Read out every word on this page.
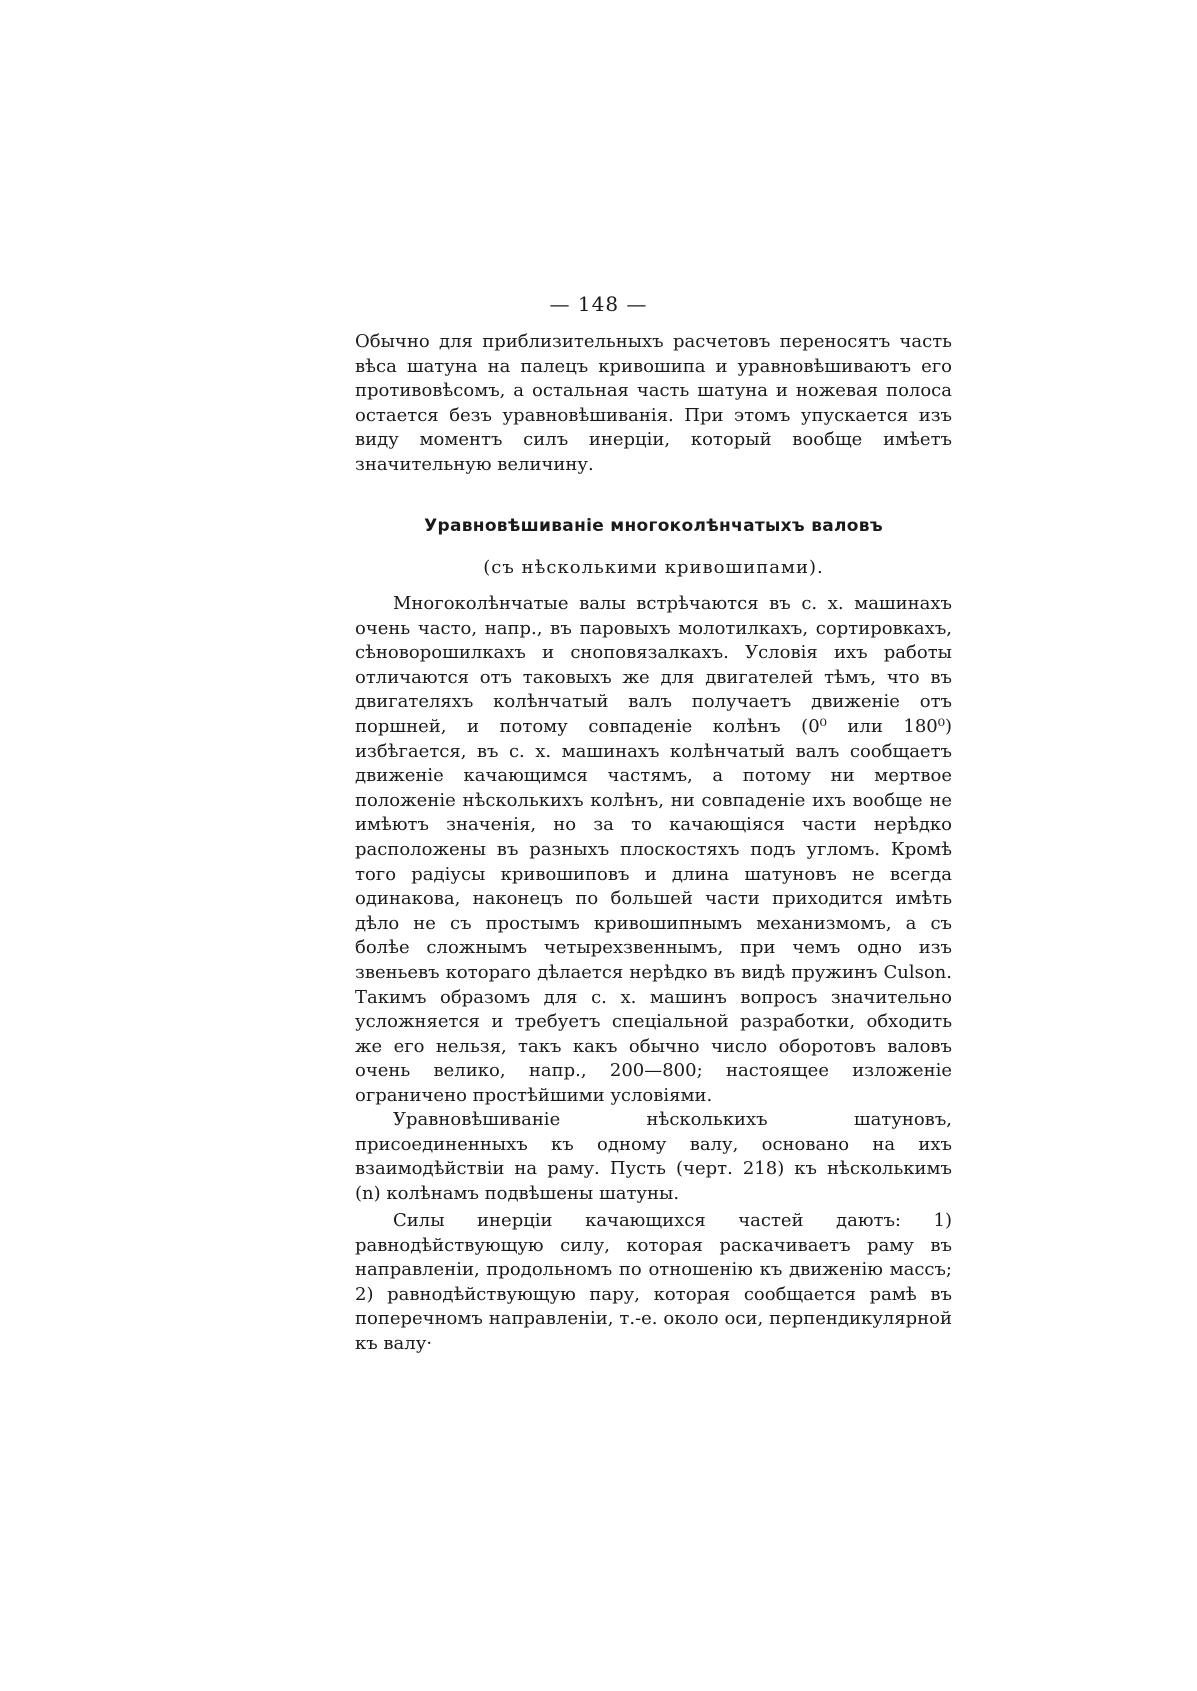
— 148 —

Обычно для приблизительныхъ расчетовъ переносятъ часть вѣса шатуна на палецъ кривошипа и уравновѣшиваютъ его противовѣсомъ, а остальная часть шатуна и ножевая полоса остается безъ уравновѣшиванія. При этомъ упускается изъ виду моментъ силъ инерціи, который вообще имѣетъ значительную величину.

Уравновѣшиваніе многоколѣнчатыхъ валовъ
(съ нѣсколькими кривошипами).

Многоколѣнчатые валы встрѣчаются въ с. х. машинахъ очень часто, напр., въ паровыхъ молотилкахъ, сортировкахъ, сѣноворошилкахъ и сноповязалкахъ. Условія ихъ работы отличаются отъ таковыхъ же для двигателей тѣмъ, что въ двигателяхъ колѣнчатый валъ получаетъ движеніе отъ поршней, и потому совпаденіе колѣнъ (0⁰ или 180⁰) избѣгается, въ с. х. машинахъ колѣнчатый валъ сообщаетъ движеніе качающимся частямъ, а потому ни мертвое положеніе нѣсколькихъ колѣнъ, ни совпаденіе ихъ вообще не имѣютъ значенія, но за то качающіяся части нерѣдко расположены въ разныхъ плоскостяхъ подъ угломъ. Кромѣ того радіусы кривошиповъ и длина шатуновъ не всегда одинакова, наконецъ по большей части приходится имѣть дѣло не съ простымъ кривошипнымъ механизмомъ, а съ болѣе сложнымъ четырехзвеннымъ, при чемъ одно изъ звеньевъ котораго дѣлается нерѣдко въ видѣ пружинъ Culson. Такимъ образомъ для с. х. машинъ вопросъ значительно усложняется и требуетъ спеціальной разработки, обходить же его нельзя, такъ какъ обычно число оборотовъ валовъ очень велико, напр., 200—800; настоящее изложеніе ограничено простѣйшими условіями.

Уравновѣшиваніе нѣсколькихъ шатуновъ, присоединенныхъ къ одному валу, основано на ихъ взаимодѣйствіи на раму. Пусть (черт. 218) къ нѣсколькимъ (n) колѣнамъ подвѣшены шатуны.

Силы инерціи качающихся частей даютъ: 1) равнодѣйствующую силу, которая раскачиваетъ раму въ направленіи, продольномъ по отношенію къ движенію массъ; 2) равнодѣйствующую пару, которая сообщается рамѣ въ поперечномъ направленіи, т.-е. около оси, перпендикулярной къ валу·
